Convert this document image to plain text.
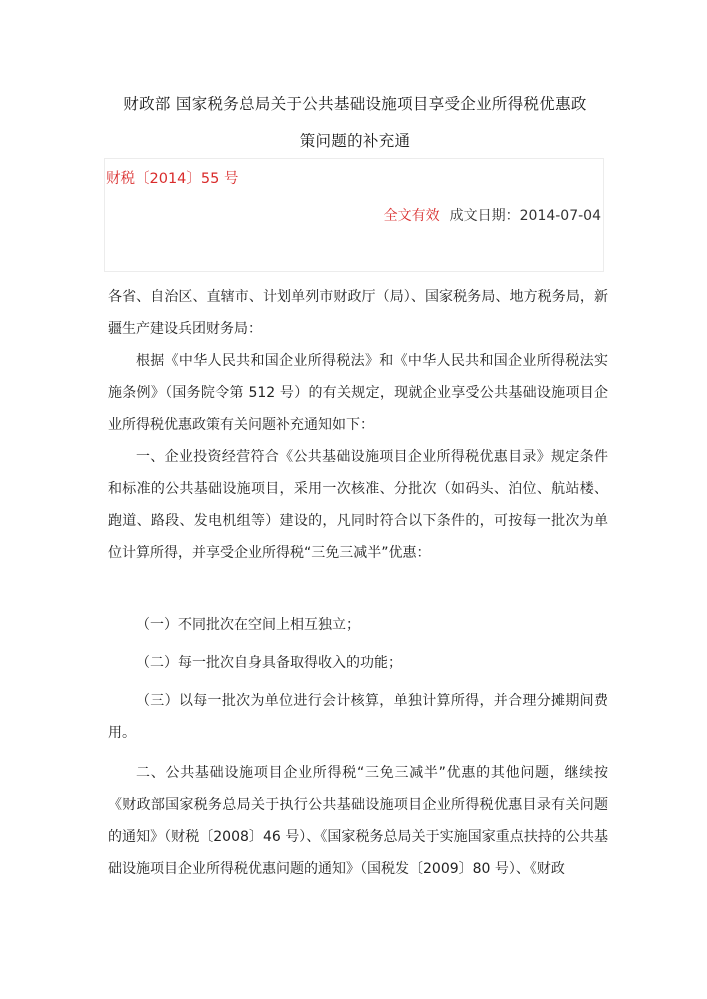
财政部 国家税务总局关于公共基础设施项目享受企业所得税优惠政
策问题的补充通
财税〔2014〕55 号
全文有效 成文日期：2014-07-04

各省、自治区、直辖市、计划单列市财政厅（局）、国家税务局、地方税务局，新疆生产建设兵团财务局：

根据《中华人民共和国企业所得税法》和《中华人民共和国企业所得税法实施条例》（国务院令第 512 号）的有关规定，现就企业享受公共基础设施项目企业所得税优惠政策有关问题补充通知如下：

一、企业投资经营符合《公共基础设施项目企业所得税优惠目录》规定条件和标准的公共基础设施项目，采用一次核准、分批次（如码头、泊位、航站楼、跑道、路段、发电机组等）建设的，凡同时符合以下条件的，可按每一批次为单位计算所得，并享受企业所得税“三免三减半”优惠：

（一）不同批次在空间上相互独立；
（二）每一批次自身具备取得收入的功能；

（三）以每一批次为单位进行会计核算，单独计算所得，并合理分摊期间费用。

二、公共基础设施项目企业所得税“三免三减半”优惠的其他问题，继续按《财政部国家税务总局关于执行公共基础设施项目企业所得税优惠目录有关问题的通知》（财税〔2008〕46 号）、《国家税务总局关于实施国家重点扶持的公共基础设施项目企业所得税优惠问题的通知》（国税发〔2009〕80 号）、《财政
